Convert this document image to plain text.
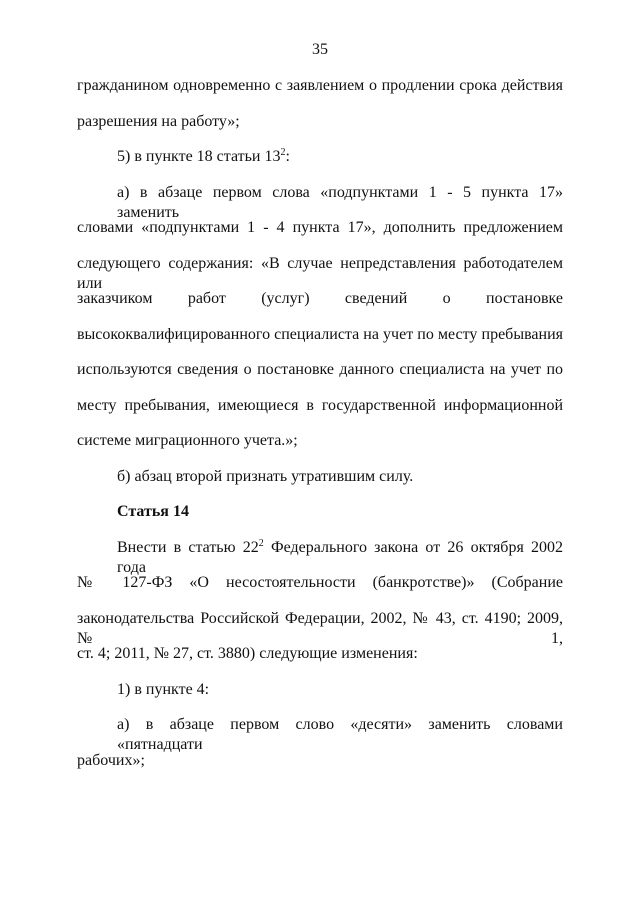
35
гражданином одновременно с заявлением о продлении срока действия
разрешения на работу»;
5) в пункте 18 статьи $13^2$:
а) в абзаце первом слова «подпунктами 1 - 5 пункта 17» заменить
словами «подпунктами 1 - 4 пункта 17», дополнить предложением
следующего содержания: «В случае непредставления работодателем или
заказчиком работ (услуг) сведений о постановке
высококвалифицированного специалиста на учет по месту пребывания
используются сведения о постановке данного специалиста на учет по
месту пребывания, имеющиеся в государственной информационной
системе миграционного учета.»;
б) абзац второй признать утратившим силу.
Статья 14
Внести в статью $22^2$ Федерального закона от 26 октября 2002 года
№ 127-ФЗ «О несостоятельности (банкротстве)» (Собрание
законодательства Российской Федерации, 2002, № 43, ст. 4190; 2009, № 1,
ст. 4; 2011, № 27, ст. 3880) следующие изменения:
1) в пункте 4:
а) в абзаце первом слово «десяти» заменить словами «пятнадцати
рабочих»;
